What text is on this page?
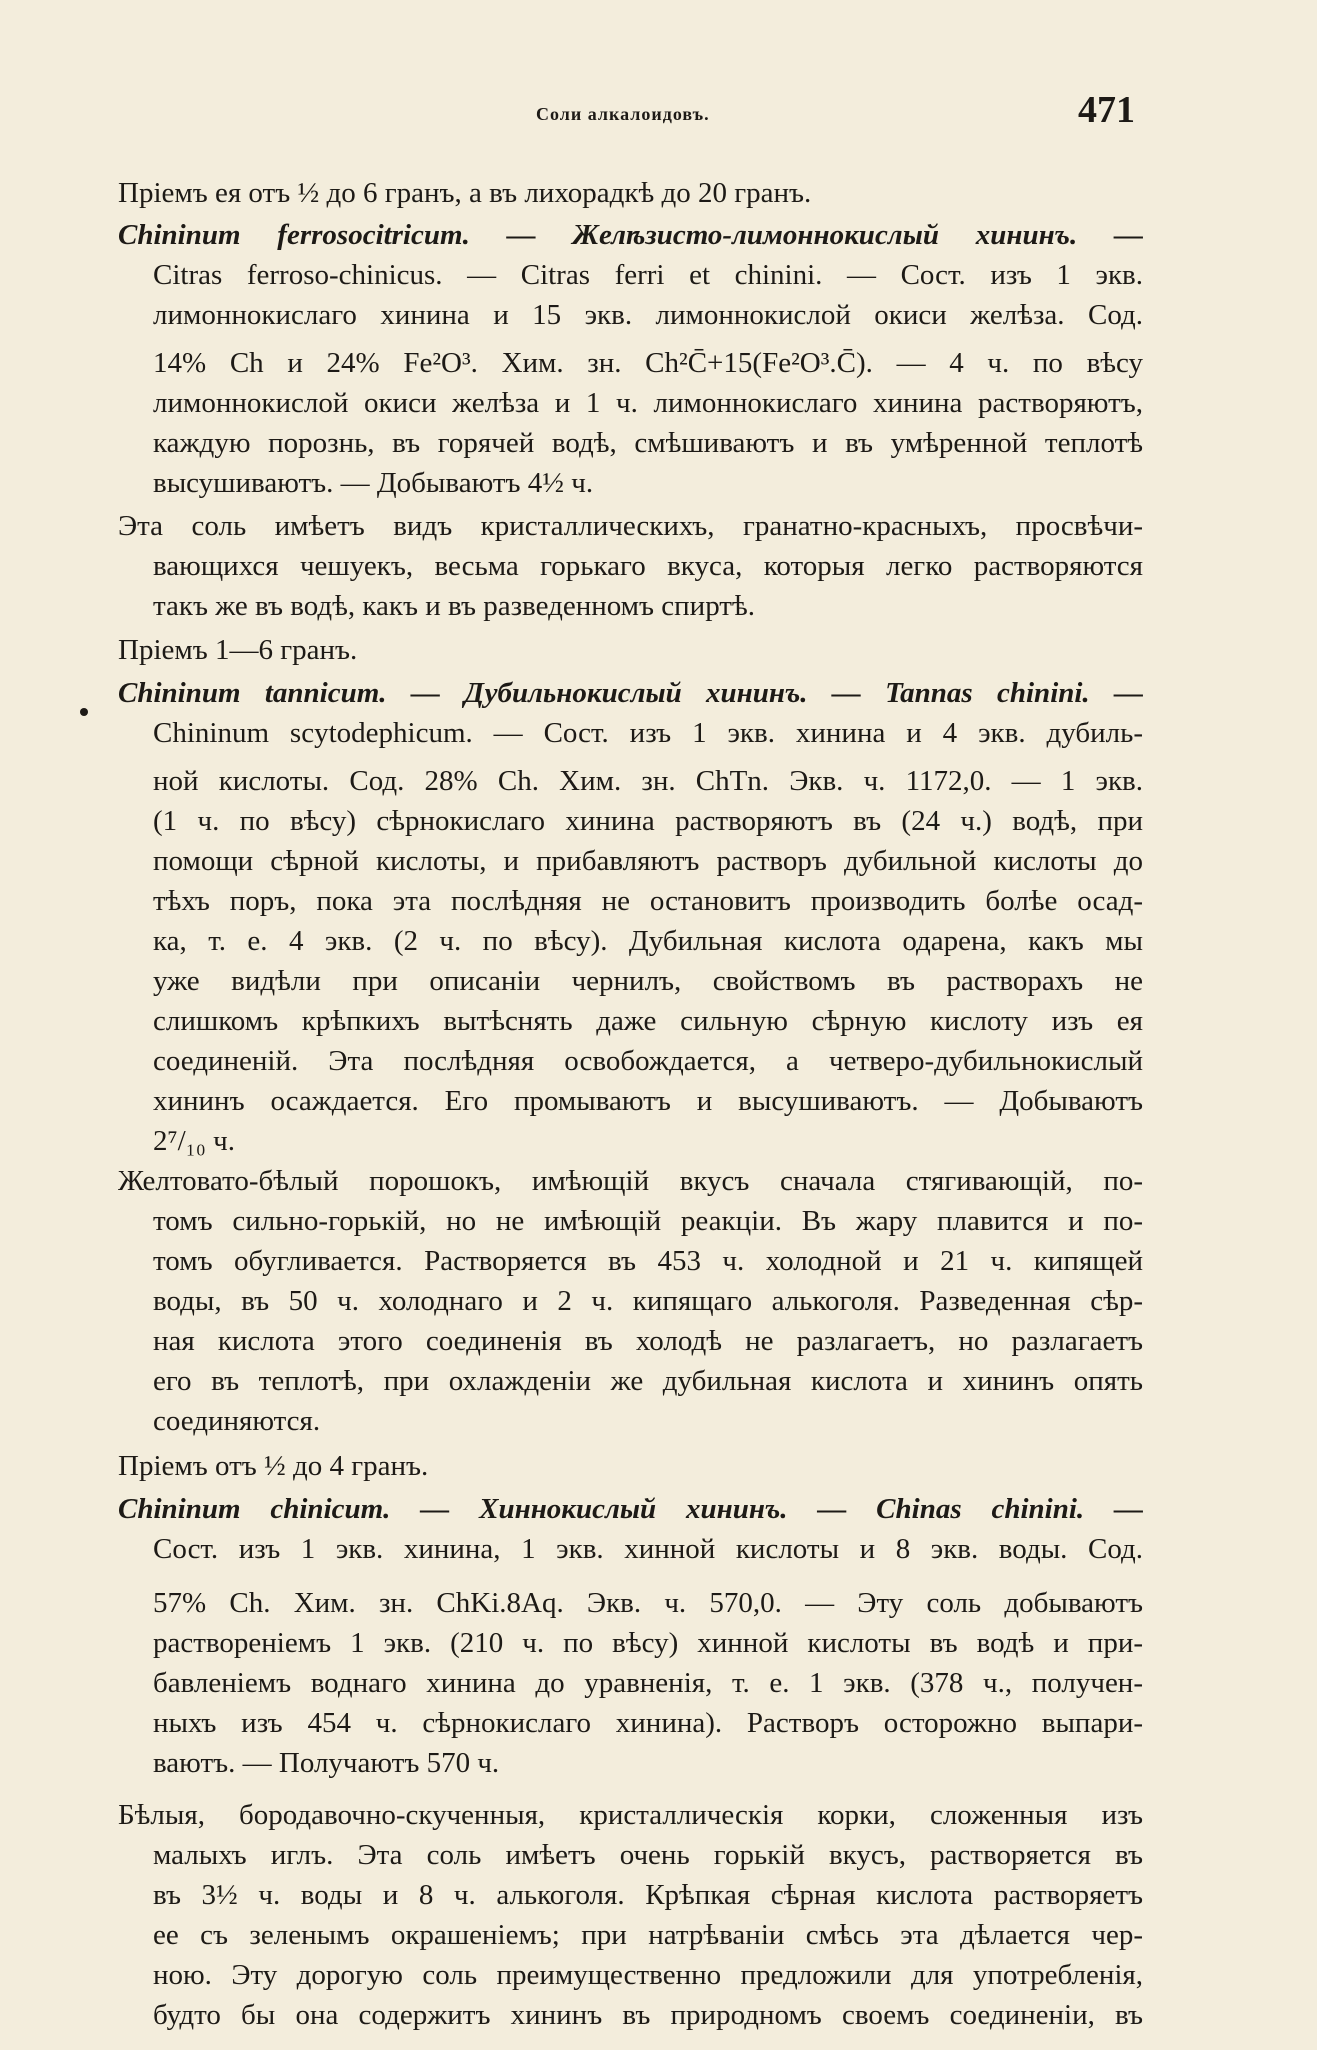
Соли алкалоидовъ.	471
Пріемъ ея отъ ½ до 6 гранъ, а въ лихорадкѣ до 20 гранъ.
Chininum ferrosocitricum. — Желѣзисто-лимоннокислый хининъ. —
Citras ferroso-chinicus. — Citras ferri et chinini. — Сост. изъ 1 экв.
лимоннокислаго хинина и 15 экв. лимоннокислой окиси желѣза. Сод.
14% Ch и 24% Fe²O³. Хим. зн. Ch²C̄+15(Fe²O³.C̄). — 4 ч. по вѣсу
лимоннокислой окиси желѣза и 1 ч. лимоннокислаго хинина растворяютъ,
каждую порознь, въ горячей водѣ, смѣшиваютъ и въ умѣренной теплотѣ
высушиваютъ. — Добываютъ 4½ ч.
Эта соль имѣетъ видъ кристаллическихъ, гранатно-красныхъ, просвѣчи-
вающихся чешуекъ, весьма горькаго вкуса, которыя легко растворяются
такъ же въ водѣ, какъ и въ разведенномъ спиртѣ.
Пріемъ 1—6 гранъ.
Chininum tannicum. — Дубильнокислый хининъ. — Tannas chinini. —
Chininum scytodephicum. — Сост. изъ 1 экв. хинина и 4 экв. дубиль-
ной кислоты. Сод. 28% Ch. Хим. зн. ChTn. Экв. ч. 1172,0. — 1 экв.
(1 ч. по вѣсу) сѣрнокислаго хинина растворяютъ въ (24 ч.) водѣ, при
помощи сѣрной кислоты, и прибавляютъ растворъ дубильной кислоты до
тѣхъ поръ, пока эта послѣдняя не остановитъ производить болѣе осад-
ка, т. е. 4 экв. (2 ч. по вѣсу). Дубильная кислота одарена, какъ мы
уже видѣли при описаніи чернилъ, свойствомъ въ растворахъ не
слишкомъ крѣпкихъ вытѣснять даже сильную сѣрную кислоту изъ ея
соединеній. Эта послѣдняя освобождается, а четверо-дубильнокислый
хининъ осаждается. Его промываютъ и высушиваютъ. — Добываютъ
2⁷/₁₀ ч.
Желтовато-бѣлый порошокъ, имѣющій вкусъ сначала стягивающій, по-
томъ сильно-горькій, но не имѣющій реакціи. Въ жару плавится и по-
томъ обугливается. Растворяется въ 453 ч. холодной и 21 ч. кипящей
воды, въ 50 ч. холоднаго и 2 ч. кипящаго алькоголя. Разведенная сѣр-
ная кислота этого соединенія въ холодѣ не разлагаетъ, но разлагаетъ
его въ теплотѣ, при охлажденіи же дубильная кислота и хининъ опять
соединяются.
Пріемъ отъ ½ до 4 гранъ.
Chininum chinicum. — Хиннокислый хининъ. — Chinas chinini. —
Сост. изъ 1 экв. хинина, 1 экв. хинной кислоты и 8 экв. воды. Сод.
57% Ch. Хим. зн. ChKi.8Aq. Экв. ч. 570,0. — Эту соль добываютъ
раствореніемъ 1 экв. (210 ч. по вѣсу) хинной кислоты въ водѣ и при-
бавленіемъ воднаго хинина до уравненія, т. е. 1 экв. (378 ч., получен-
ныхъ изъ 454 ч. сѣрнокислаго хинина). Растворъ осторожно выпари-
ваютъ. — Получаютъ 570 ч.
Бѣлыя, бородавочно-скученныя, кристаллическія корки, сложенныя изъ
малыхъ иглъ. Эта соль имѣетъ очень горькій вкусъ, растворяется въ
въ 3½ ч. воды и 8 ч. алькоголя. Крѣпкая сѣрная кислота растворяетъ
ее съ зеленымъ окрашеніемъ; при натрѣваніи смѣсь эта дѣлается чер-
ною. Эту дорогую соль преимущественно предложили для употребленія,
будто бы она содержитъ хининъ въ природномъ своемъ соединеніи, въ
